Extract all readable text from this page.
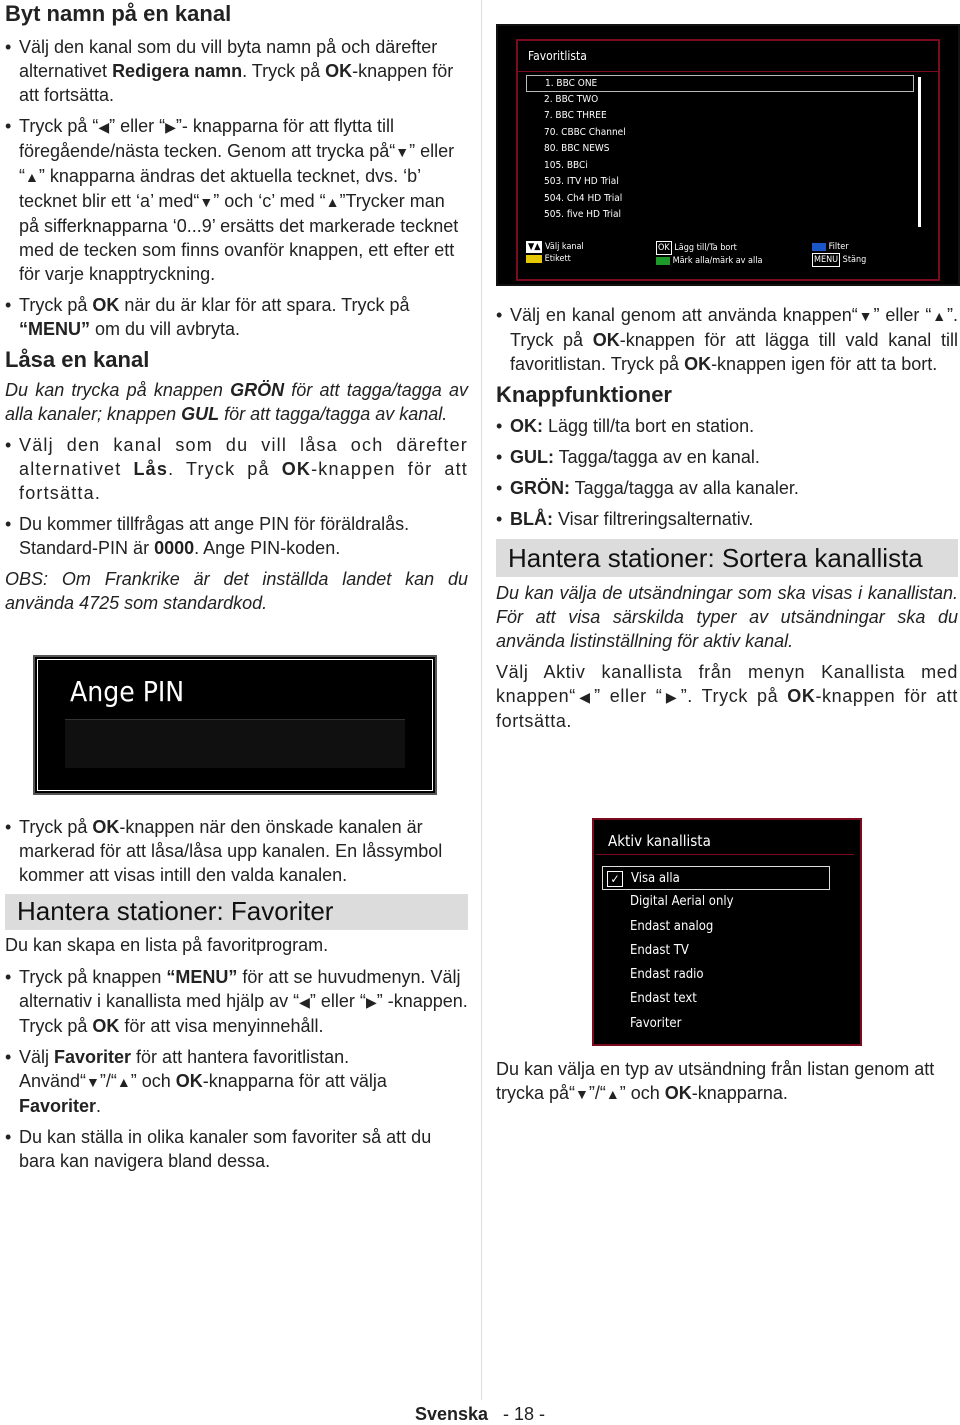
Byt namn på en kanal
• Välj den kanal som du vill byta namn på och därefter alternativet Redigera namn. Tryck på OK-knappen för att fortsätta.
• Tryck på “ ◀ ” eller “ ▶ ”- knapparna för att flytta till föregående/nästa tecken. Genom att trycka på“ ▼ ” eller “ ▲ ” knapparna ändras det aktuella tecknet, dvs. ‘b’ tecknet blir ett ‘a’ med“ ▼ ” och ‘c’ med “ ▲ ”Trycker man på sifferknapparna ‘0...9’ ersätts det markerade tecknet med de tecken som finns ovanför knappen, ett efter ett för varje knapptryckning.
• Tryck på OK när du är klar för att spara. Tryck på “MENU” om du vill avbryta.
Låsa en kanal

Du kan trycka på knappen GRÖN för att tagga/tagga av alla kanaler; knappen GUL för att tagga/tagga av kanal.

• Välj den kanal som du vill låsa och därefter alternativet Lås. Tryck på OK-knappen för att fortsätta.
• Du kommer tillfrågas att ange PIN för föräldralås. Standard-PIN är 0000. Ange PIN-koden.

OBS: Om Frankrike är det inställda landet kan du använda 4725 som standardkod.

Ange PIN
• Tryck på OK-knappen när den önskade kanalen är markerad för att låsa/låsa upp kanalen. En låssymbol kommer att visas intill den valda kanalen.
Hantera stationer: Favoriter

Du kan skapa en lista på favoritprogram.

• Tryck på knappen “MENU” för att se huvudmenyn. Välj alternativ i kanallista med hjälp av “ ◀ ” eller “ ▶ ” -knappen. Tryck på OK för att visa menyinnehåll.
• Välj Favoriter för att hantera favoritlistan. Använd“ ▼ ”/“ ▲ ” och OK-knapparna för att välja Favoriter.
• Du kan ställa in olika kanaler som favoriter så att du bara kan navigera bland dessa.
Favoritlista
1. BBC ONE
2. BBC TWO
7. BBC THREE
70. CBBC Channel
80. BBC NEWS
105. BBCi
503. ITV HD Trial
504. Ch4 HD Trial
505. five HD Trial
▼▲ Välj kanal
Etikett
OK Lägg till/Ta bort
Märk alla/märk av alla
Filter
MENU Stäng
• Välj en kanal genom att använda knappen“ ▼ ” eller “ ▲ ”. Tryck på OK-knappen för att lägga till vald kanal till favoritlistan. Tryck på OK-knappen igen för att ta bort.
Knappfunktioner
• OK: Lägg till/ta bort en station.
• GUL: Tagga/tagga av en kanal.
• GRÖN: Tagga/tagga av alla kanaler.
• BLÅ: Visar filtreringsalternativ.
Hantera stationer: Sortera kanallista

Du kan välja de utsändningar som ska visas i kanallistan. För att visa särskilda typer av utsändningar ska du använda listinställning för aktiv kanal.

Välj Aktiv kanallista från menyn Kanallista med knappen“ ◀ ” eller “ ▶ ”. Tryck på OK-knappen för att fortsätta.

Aktiv kanallista
✓ Visa alla
Digital Aerial only
Endast analog
Endast TV
Endast radio
Endast text
Favoriter

Du kan välja en typ av utsändning från listan genom att trycka på“ ▼ ”/“ ▲ ” och OK-knapparna.

Svenska - 18 -
